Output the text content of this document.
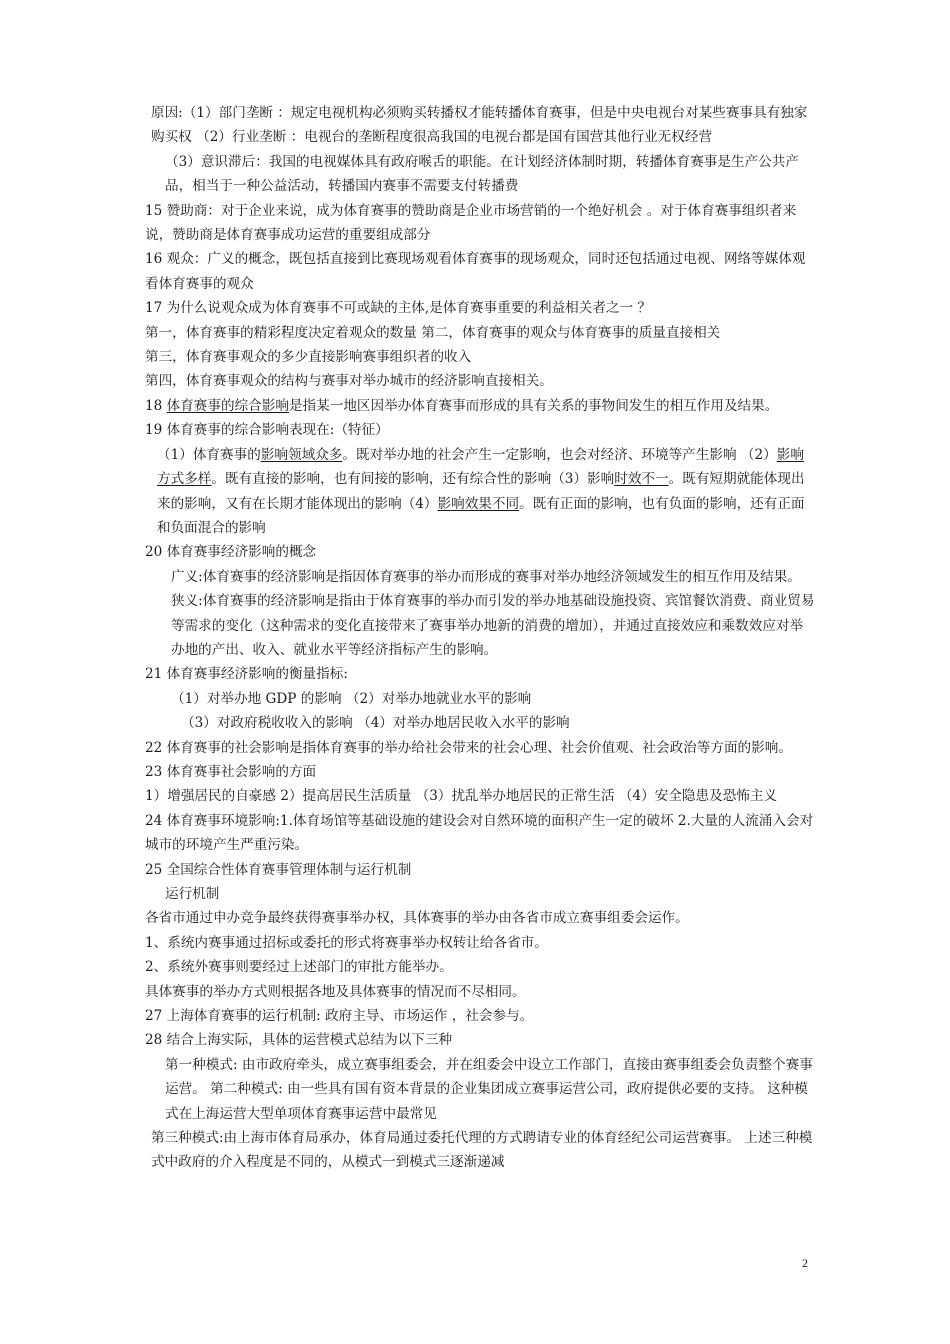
原因:（1）部门垄断 ：规定电视机构必须购买转播权才能转播体育赛事，但是中央电视台对某些赛事具有独家购买权 （2）行业垄断 ：电视台的垄断程度很高我国的电视台都是国有国营其他行业无权经营

（3）意识滞后：我国的电视媒体具有政府喉舌的职能。在计划经济体制时期，转播体育赛事是生产公共产品，相当于一种公益活动，转播国内赛事不需要支付转播费

15 赞助商：对于企业来说，成为体育赛事的赞助商是企业市场营销的一个绝好机会 。对于体育赛事组织者来说，赞助商是体育赛事成功运营的重要组成部分

16 观众：广义的概念，既包括直接到比赛现场观看体育赛事的现场观众，同时还包括通过电视、网络等媒体观看体育赛事的观众

17 为什么说观众成为体育赛事不可或缺的主体,是体育赛事重要的利益相关者之一 ？

第一，体育赛事的精彩程度决定着观众的数量 第二，体育赛事的观众与体育赛事的质量直接相关

第三，体育赛事观众的多少直接影响赛事组织者的收入

第四，体育赛事观众的结构与赛事对举办城市的经济影响直接相关。

18 体育赛事的综合影响是指某一地区因举办体育赛事而形成的具有关系的事物间发生的相互作用及结果。

19 体育赛事的综合影响表现在:（特征）

（1）体育赛事的影响领域众多。既对举办地的社会产生一定影响，也会对经济、环境等产生影响 （2）影响方式多样。既有直接的影响，也有间接的影响，还有综合性的影响（3）影响时效不一。既有短期就能体现出来的影响，又有在长期才能体现出的影响（4）影响效果不同。既有正面的影响，也有负面的影响，还有正面和负面混合的影响

20 体育赛事经济影响的概念

广义:体育赛事的经济影响是指因体育赛事的举办而形成的赛事对举办地经济领域发生的相互作用及结果。　　　狭义:体育赛事的经济影响是指由于体育赛事的举办而引发的举办地基础设施投资、宾馆餐饮消费、商业贸易等需求的变化（这种需求的变化直接带来了赛事举办地新的消费的增加），并通过直接效应和乘数效应对举办地的产出、收入、就业水平等经济指标产生的影响。

21 体育赛事经济影响的衡量指标:

（1）对举办地 GDP 的影响 （2）对举办地就业水平的影响

（3）对政府税收收入的影响 （4）对举办地居民收入水平的影响

22 体育赛事的社会影响是指体育赛事的举办给社会带来的社会心理、社会价值观、社会政治等方面的影响。

23 体育赛事社会影响的方面

1）增强居民的自豪感 2）提高居民生活质量 （3）扰乱举办地居民的正常生活 （4）安全隐患及恐怖主义

24 体育赛事环境影响:1.体育场馆等基础设施的建设会对自然环境的面积产生一定的破坏 2.大量的人流涌入会对城市的环境产生严重污染。

25 全国综合性体育赛事管理体制与运行机制

运行机制

各省市通过申办竞争最终获得赛事举办权，具体赛事的举办由各省市成立赛事组委会运作。

1、系统内赛事通过招标或委托的形式将赛事举办权转让给各省市。

2、系统外赛事则要经过上述部门的审批方能举办。

具体赛事的举办方式则根据各地及具体赛事的情况而不尽相同。

27 上海体育赛事的运行机制: 政府主导、市场运作 ，社会参与。

28 结合上海实际，具体的运营模式总结为以下三种

第一种模式: 由市政府牵头，成立赛事组委会，并在组委会中设立工作部门，直接由赛事组委会负责整个赛事运营。 第二种模式: 由一些具有国有资本背景的企业集团成立赛事运营公司，政府提供必要的支持。 这种模式在上海运营大型单项体育赛事运营中最常见

第三种模式:由上海市体育局承办，体育局通过委托代理的方式聘请专业的体育经纪公司运营赛事。 上述三种模式中政府的介入程度是不同的，从模式一到模式三逐渐递减

2
